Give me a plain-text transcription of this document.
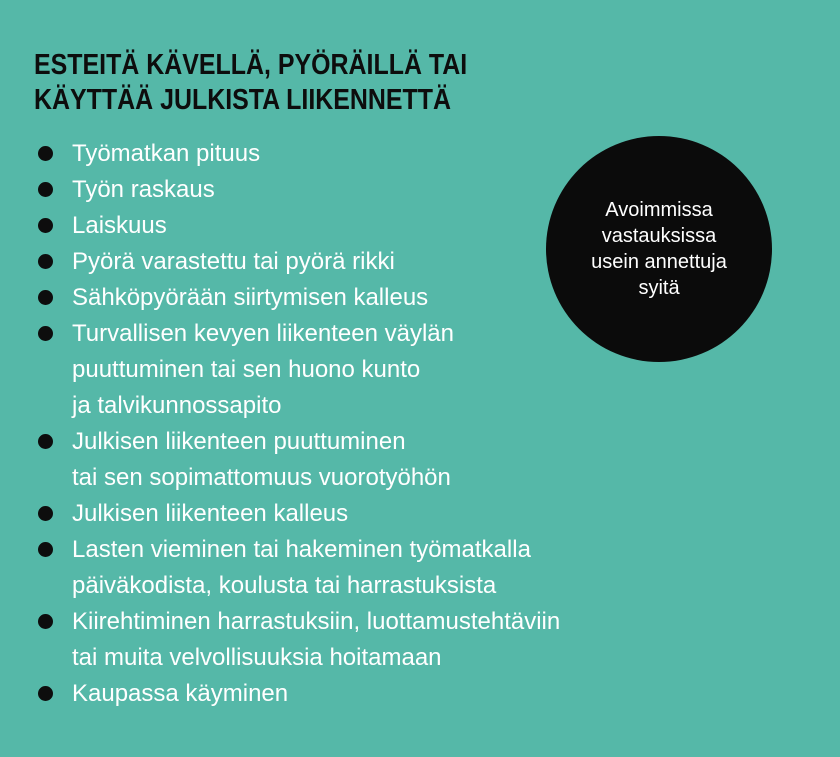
ESTEITÄ KÄVELLÄ, PYÖRÄILLÄ TAI
KÄYTTÄÄ JULKISTA LIIKENNETTÄ
Työmatkan pituus
Työn raskaus
Laiskuus
Pyörä varastettu tai pyörä rikki
Sähköpyörään siirtymisen kalleus
Turvallisen kevyen liikenteen väylän
puuttuminen tai sen huono kunto
ja talvikunnossapito
Julkisen liikenteen puuttuminen
tai sen sopimattomuus vuorotyöhön
Julkisen liikenteen kalleus
Lasten vieminen tai hakeminen työmatkalla
päiväkodista, koulusta tai harrastuksista
Kiirehtiminen harrastuksiin, luottamustehtäviin
tai muita velvollisuuksia hoitamaan
Kaupassa käyminen
Avoimmissa
vastauksissa
usein annettuja
syitä
